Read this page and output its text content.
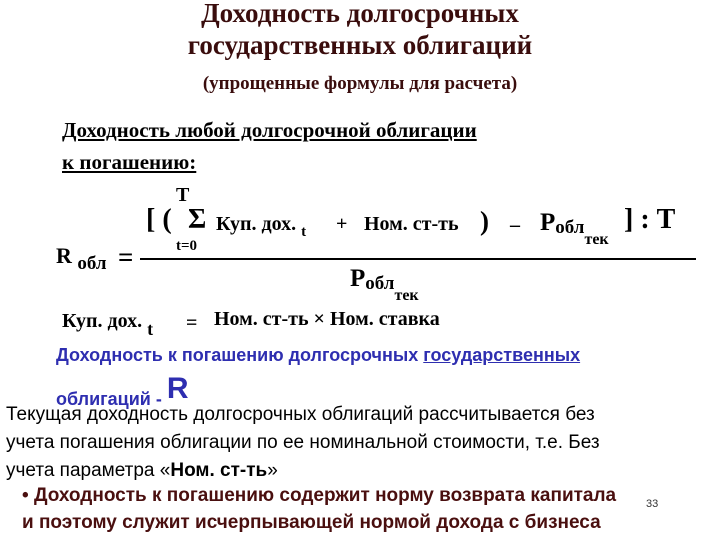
Доходность долгосрочных
государственных облигаций
(упрощенные формулы для расчета)
Доходность любой долгосрочной облигации
к погашению:
T
[ ( Σ
t=0
Куп. дох. $_t$ + Ном. ст-ть ) – Робл$_{тек}$
] : Т
R обл =
Робл$_{тек}$
Куп. дох. t = Ном. ст-ть × Ном. ставка
Доходность к погашению долгосрочных государственных
облигаций - R
Текущая доходность долгосрочных облигаций рассчитывается без
учета погашения облигации по ее номинальной стоимости, т.е. Без
учета параметра «Ном. ст-ть»
• Доходность к погашению содержит норму возврата капитала
и поэтому служит исчерпывающей нормой дохода с бизнеса
33
